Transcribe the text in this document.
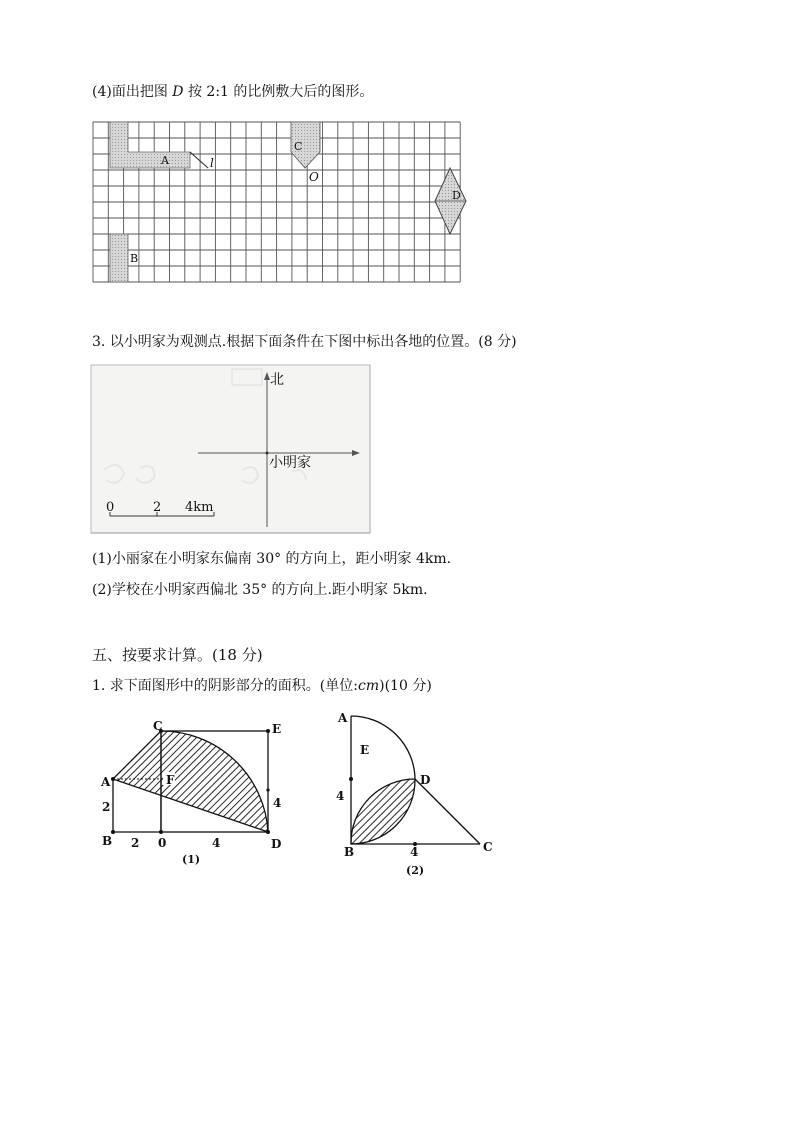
(4)面出把图 D 按 2:1 的比例敷大后的图形。
A	l
C
O
D
B
3. 以小明家为观测点.根据下面条件在下图中标出各地的位置。(8 分)
北
小明家
0	2 4km
(1)小丽家在小明家东偏南 30° 的方向上，距小明家 4km.
(2)学校在小明家西偏北 35° 的方向上.距小明家 5km.
五、按要求计算。(18 分)
1. 求下面图形中的阴影部分的面积。(单位:cm)(10 分)
C	E
A	F
2	4
B 2 0	4	D
(1)
A
E
D
4
B	4	C
(2)
